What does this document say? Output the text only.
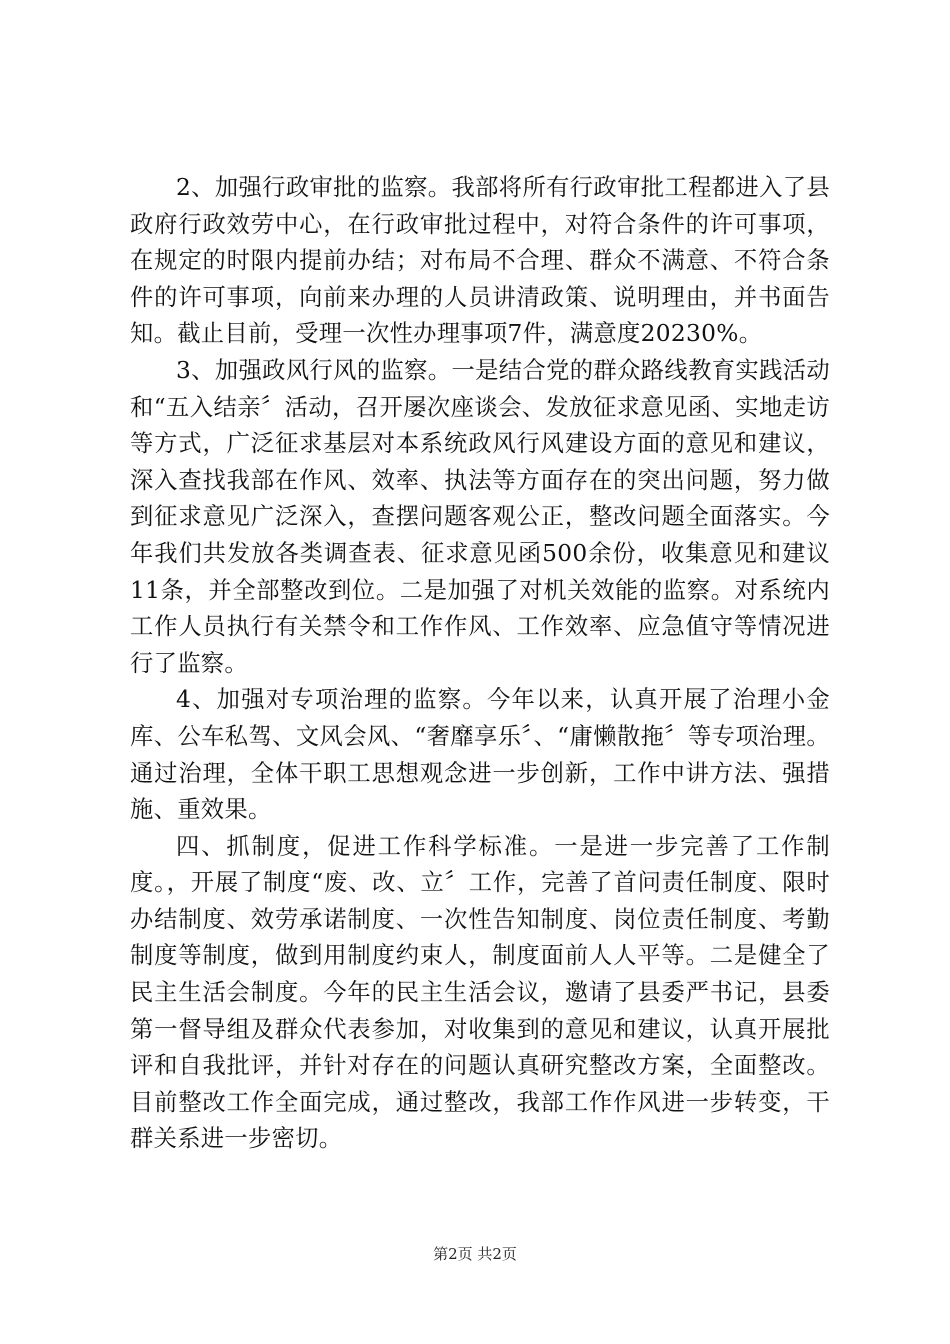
2、加强行政审批的监察。我部将所有行政审批工程都进入了县政府行政效劳中心，在行政审批过程中，对符合条件的许可事项，在规定的时限内提前办结；对布局不合理、群众不满意、不符合条件的许可事项，向前来办理的人员讲清政策、说明理由，并书面告知。截止目前，受理一次性办理事项7件，满意度20230%。

3、加强政风行风的监察。一是结合党的群众路线教育实践活动和“五入结亲〞活动，召开屡次座谈会、发放征求意见函、实地走访等方式，广泛征求基层对本系统政风行风建设方面的意见和建议，深入查找我部在作风、效率、执法等方面存在的突出问题，努力做到征求意见广泛深入，查摆问题客观公正，整改问题全面落实。今年我们共发放各类调查表、征求意见函500余份，收集意见和建议11条，并全部整改到位。二是加强了对机关效能的监察。对系统内工作人员执行有关禁令和工作作风、工作效率、应急值守等情况进行了监察。

4、加强对专项治理的监察。今年以来，认真开展了治理小金库、公车私驾、文风会风、“奢靡享乐〞、“庸懒散拖〞等专项治理。通过治理，全体干职工思想观念进一步创新，工作中讲方法、强措施、重效果。

四、抓制度，促进工作科学标准。一是进一步完善了工作制度。，开展了制度“废、改、立〞工作，完善了首问责任制度、限时办结制度、效劳承诺制度、一次性告知制度、岗位责任制度、考勤制度等制度，做到用制度约束人，制度面前人人平等。二是健全了民主生活会制度。今年的民主生活会议，邀请了县委严书记，县委第一督导组及群众代表参加，对收集到的意见和建议，认真开展批评和自我批评，并针对存在的问题认真研究整改方案，全面整改。目前整改工作全面完成，通过整改，我部工作作风进一步转变，干群关系进一步密切。

第2页 共2页
